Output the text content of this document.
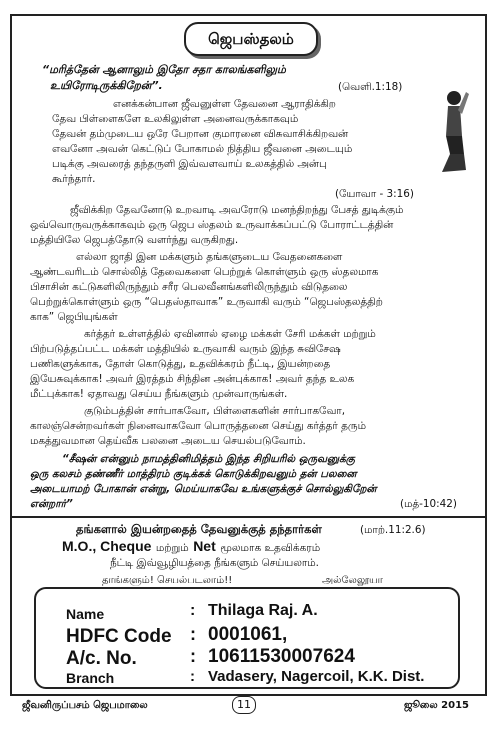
ஜெபஸ்தலம்
“மரித்தேன் ஆனாலும் இதோ சதா காலங்களிலும்
உயிரோடிருக்கிறேன்”.	(வெளி.1:18)
எனக்கன்பான ஜீவனுள்ள தேவனை ஆராதிக்கிற
தேவ பிள்ளைகளே உலகிலுள்ள அனைவருக்காகவும்
தேவன் தம்முடைய ஒரே பேறான குமாரனை விசுவாசிக்கிறவன்
எவனோ அவன் கெட்டுப் போகாமல் நித்திய ஜீவனை அடையும்
படிக்கு அவரைத் தந்தருளி இவ்வளவாய் உலகத்தில் அன்பு
கூர்ந்தார்.
(யோவா - 3:16)
ஜீவிக்கிற தேவனோடு உறவாடி அவரோடு மனந்திறந்து பேசத் துடிக்கும்
ஒவ்வொருவருக்காகவும் ஒரு ஜெப ஸ்தலம் உருவாக்கப்பட்டு போராட்டத்தின்
மத்தியிலே ஜெபத்தோடு வளர்ந்து வருகிறது.
எல்லா ஜாதி இன மக்களும் தங்களுடைய வேதனைகளை
ஆண்டவரிடம் சொல்லித் தேவைகளை பெற்றுக் கொள்ளும் ஒரு ஸ்தலமாக
பிசாசின் கட்டுகளிலிருந்தும் சரீர பெலவீனங்களிலிருந்தும் விடுதலை
பெற்றுக்கொள்ளும் ஒரு “பெதஸ்தாவாக” உருவாகி வரும் “ஜெபஸ்தலத்திற்
காக” ஜெபியுங்கள்
கர்த்தர் உள்ளத்தில் ஏவினால் ஏழை மக்கள் சேரி மக்கள் மற்றும்
பிற்படுத்தப்பட்ட மக்கள் மத்தியில் உருவாகி வரும் இந்த சுவிசேஷ
பணிகளுக்காக, தோள் கொடுத்து, உதவிக்கரம் நீட்டி, இயன்றதை
இயேசுவுக்காக! அவர் இரத்தம் சிந்தின அன்புக்காக! அவர் தந்த உலக
மீட்புக்காக! ஏதாவது செய்ய நீங்களும் முன்வாருங்கள்.
குடும்பத்தின் சார்பாகவோ, பிள்ளைகளின் சார்பாகவோ,
காலஞ்சென்றவர்கள் நினைவாகவோ பொருத்தனை செய்து கர்த்தர் தரும்
மகத்துவமான தெய்வீக பலனை அடைய செயல்படுவோம்.
“சீஷன் என்னும் நாமத்தினிமித்தம் இந்த சிறியரில் ஒருவனுக்கு
ஒரு கலசம் தண்ணீர் மாத்திரம் குடிக்கக் கொடுக்கிறவனும் தன் பலனை
அடையாமற் போகான் என்று, மெய்யாகவே உங்களுக்குச் சொல்லுகிறேன்
என்றார்”	(மத்-10:42)
தங்களால் இயன்றதைத் தேவனுக்குத் தந்தார்கள்	(மாற்.11:2.6)
M.O., Cheque மற்றும் Net மூலமாக உதவிக்கரம்
நீட்டி இவ்வூழியத்தை நீங்களும் செய்யலாம்.
தாங்களும்! செயல்படலாம்!!	அல்லேலூயா
Name	: Thilaga Raj. A.
HDFC Code : 0001061,
A/c. No.	: 10611530007624
Branch	: Vadasery, Nagercoil, K.K. Dist.
ஜீவனிருப்பசம் ஜெபமாலை	11	ஜூலை 2015
